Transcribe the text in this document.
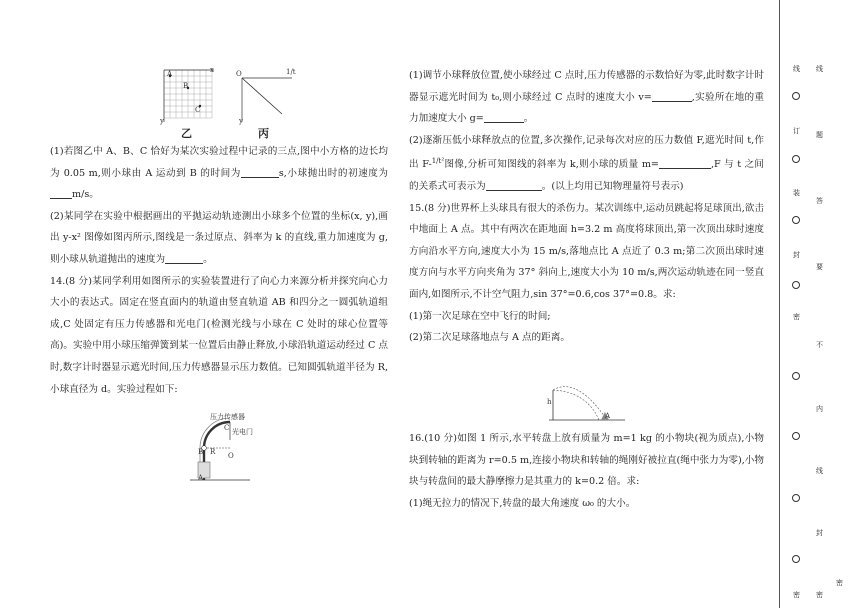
A
B
C
x
y
乙
O	1/t
y
丙

(1)若图乙中 A、B、C 恰好为某次实验过程中记录的三点,图中小方格的边长均为 0.05 m,则小球由 A 运动到 B 的时间为	s,小球抛出时的初速度为m/s。

(2)某同学在实验中根据画出的平抛运动轨迹测出小球多个位置的坐标(x, y),画出 y-x² 图像如图丙所示,图线是一条过原点、斜率为 k 的直线,重力加速度为 g,则小球从轨道抛出的速度为	。

14.(8 分)某同学利用如图所示的实验装置进行了向心力来源分析并探究向心力大小的表达式。固定在竖直面内的轨道由竖直轨道 AB 和四分之一圆弧轨道组成,C 处固定有压力传感器和光电门(检测光线与小球在 C 处时的球心位置等高)。实验中用小球压缩弹簧到某一位置后由静止释放,小球沿轨道运动经过 C 点时,数字计时器显示遮光时间,压力传感器显示压力数值。已知圆弧轨道半径为 R,小球直径为 d。实验过程如下:

压力传感器
光电门
C
R O
B
A

(1)调节小球释放位置,使小球经过 C 点时,压力传感器的示数恰好为零,此时数字计时器显示遮光时间为 t₀,则小球经过 C 点时的速度大小 v=	,实验所在地的重力加速度大小 g=	。

(2)逐渐压低小球释放点的位置,多次操作,记录每次对应的压力数值 F,遮光时间 t,作出 F-$^{1/t^2}$图像,分析可知图线的斜率为 k,则小球的质量 m=	,F 与 t 之间的关系式可表示为	。(以上均用已知物理量符号表示)

15.(8 分)世界杯上头球具有很大的杀伤力。某次训练中,运动员跳起将足球顶出,欲击中地面上 A 点。其中有两次在距地面 h=3.2 m 高度将球顶出,第一次顶出球时速度方向沿水平方向,速度大小为 15 m/s,落地点比 A 点近了 0.3 m;第二次顶出球时速度方向与水平方向夹角为 37° 斜向上,速度大小为 10 m/s,两次运动轨迹在同一竖直面内,如图所示,不计空气阻力,sin 37°=0.6,cos 37°=0.8。求:

(1)第一次足球在空中飞行的时间;

(2)第二次足球落地点与 A 点的距离。

h
A

16.(10 分)如图 1 所示,水平转盘上放有质量为 m=1 kg 的小物块(视为质点),小物块到转轴的距离为 r=0.5 m,连接小物块和转轴的绳刚好被拉直(绳中张力为零),小物块与转盘间的最大静摩擦力是其重力的 k=0.2 倍。求:

(1)绳无拉力的情况下,转盘的最大角速度 ω₀ 的大小。

线
订
装
封
密
线
题
答
要
不
内
线
封
密
密
密
